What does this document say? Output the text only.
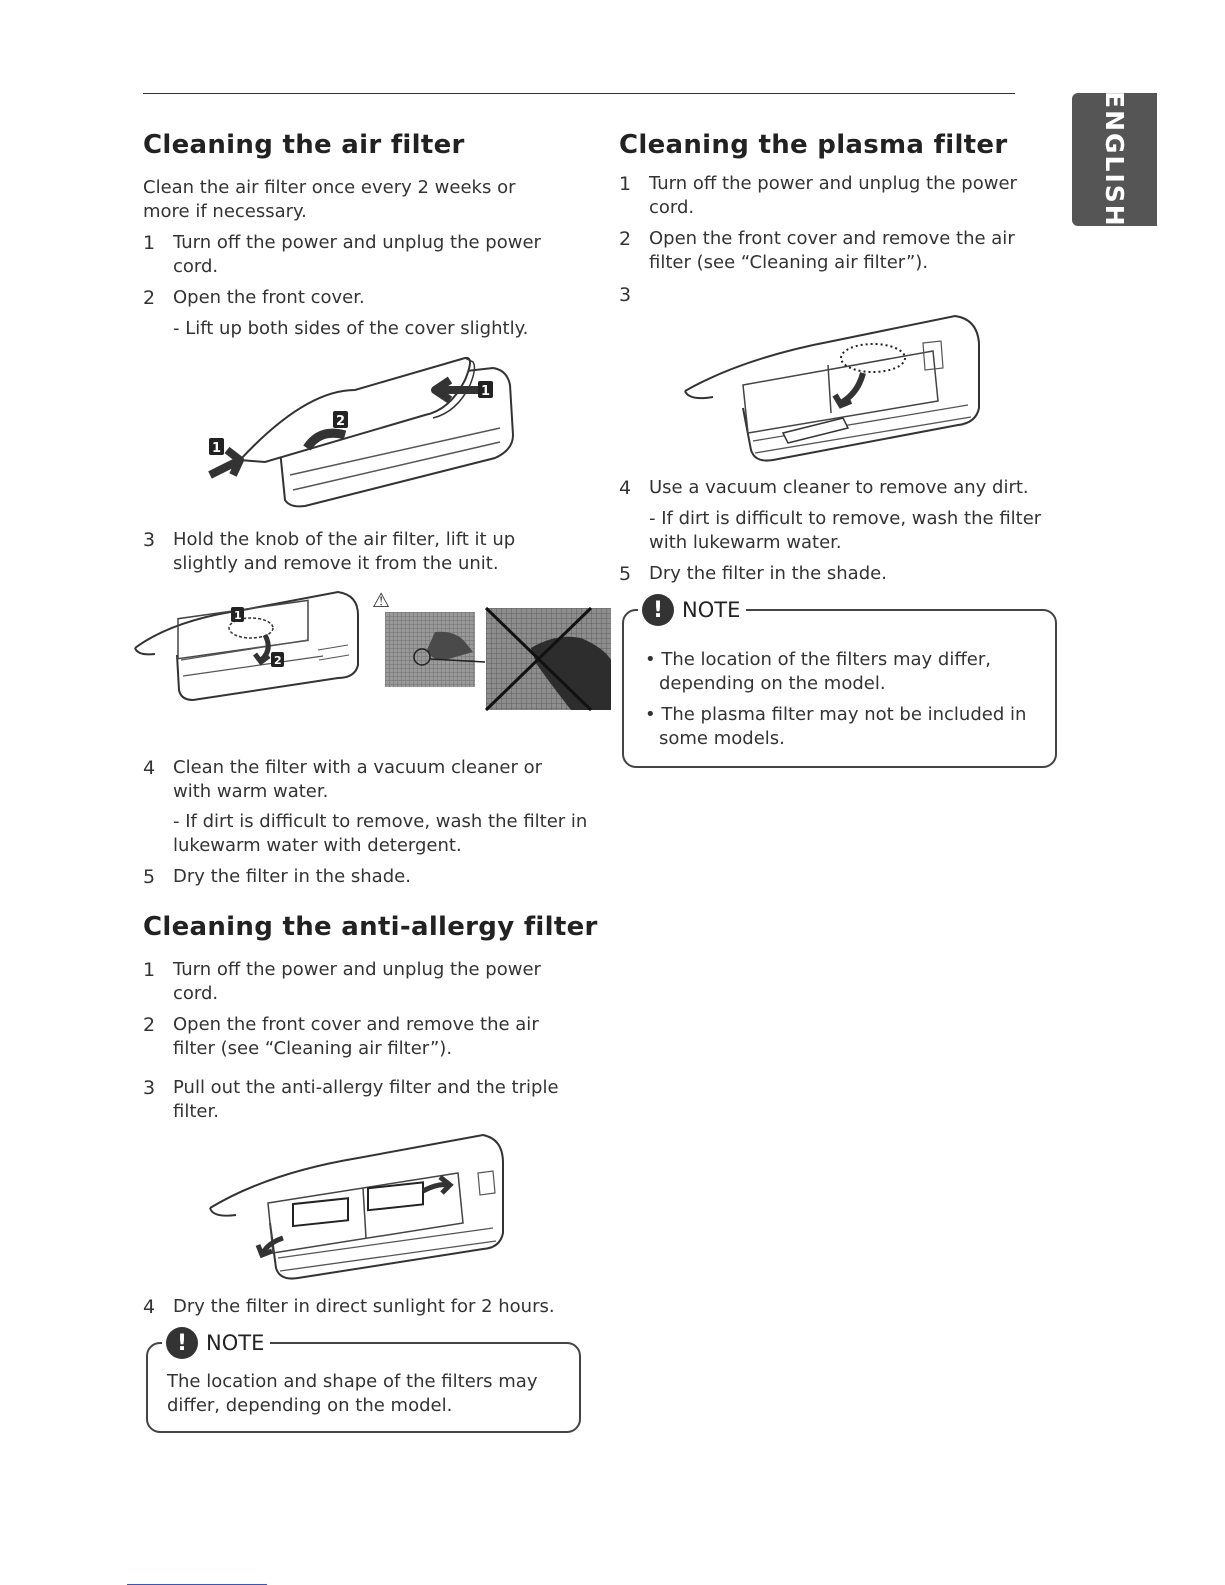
ENGLISH
Cleaning the air filter

Clean the air filter once every 2 weeks or more if necessary.

1 Turn off the power and unplug the power cord.

2 Open the front cover.

- Lift up both sides of the cover slightly.

1
1
2
3 Hold the knob of the air filter, lift it up slightly and remove it from the unit.

1
2
⚠
4 Clean the filter with a vacuum cleaner or with warm water.

- If dirt is difficult to remove, wash the filter in lukewarm water with detergent.

5 Dry the filter in the shade.

Cleaning the anti-allergy filter
1 Turn off the power and unplug the power cord.

2 Open the front cover and remove the air filter (see “Cleaning air filter”).

3 Pull out the anti-allergy filter and the triple filter.

4 Dry the filter in direct sunlight for 2 hours.

! NOTE

The location and shape of the filters may differ, depending on the model.

Cleaning the plasma filter
1 Turn off the power and unplug the power cord.

2 Open the front cover and remove the air filter (see “Cleaning air filter”).

3

4 Use a vacuum cleaner to remove any dirt.

- If dirt is difficult to remove, wash the filter with lukewarm water.

5 Dry the filter in the shade.

! NOTE

• The location of the filters may differ, depending on the model.

• The plasma filter may not be included in some models.
